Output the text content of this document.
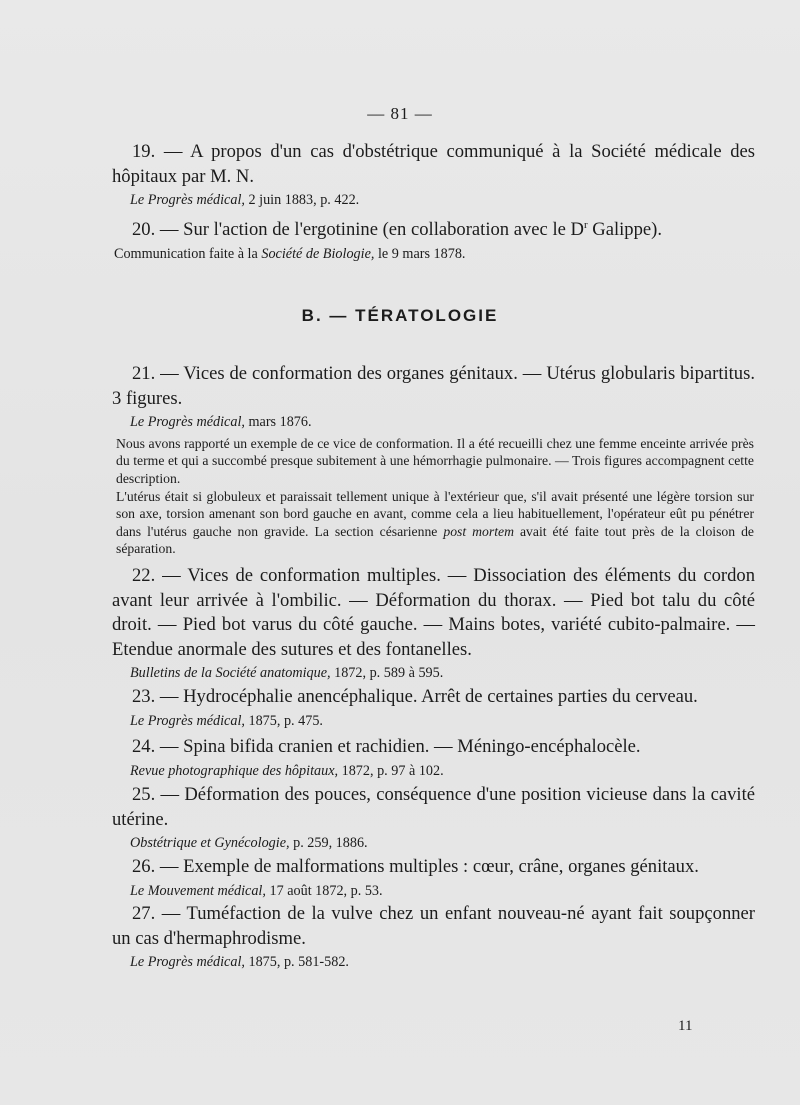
— 81 —

19. — A propos d'un cas d'obstétrique communiqué à la Société médicale des hôpitaux par M. N.

Le Progrès médical, 2 juin 1883, p. 422.

20. — Sur l'action de l'ergotinine (en collaboration avec le $D^r$ Galippe).

Communication faite à la Société de Biologie, le 9 mars 1878.

B. — TÉRATOLOGIE

21. — Vices de conformation des organes génitaux. — Utérus globularis bipartitus. 3 figures.

Le Progrès médical, mars 1876.

Nous avons rapporté un exemple de ce vice de conformation. Il a été recueilli chez une femme enceinte arrivée près du terme et qui a succombé presque subitement à une hémorrhagie pulmonaire. — Trois figures accompagnent cette description.

L'utérus était si globuleux et paraissait tellement unique à l'extérieur que, s'il avait présenté une légère torsion sur son axe, torsion amenant son bord gauche en avant, comme cela a lieu habituellement, l'opérateur eût pu pénétrer dans l'utérus gauche non gravide. La section césarienne post mortem avait été faite tout près de la cloison de séparation.

22. — Vices de conformation multiples. — Dissociation des éléments du cordon avant leur arrivée à l'ombilic. — Déformation du thorax. — Pied bot talu du côté droit. — Pied bot varus du côté gauche. — Mains botes, variété cubito-palmaire. — Etendue anormale des sutures et des fontanelles.

Bulletins de la Société anatomique, 1872, p. 589 à 595.

23. — Hydrocéphalie anencéphalique. Arrêt de certaines parties du cerveau.

Le Progrès médical, 1875, p. 475.

24. — Spina bifida cranien et rachidien. — Méningo-encéphalocèle.

Revue photographique des hôpitaux, 1872, p. 97 à 102.

25. — Déformation des pouces, conséquence d'une position vicieuse dans la cavité utérine.

Obstétrique et Gynécologie, p. 259, 1886.

26. — Exemple de malformations multiples : cœur, crâne, organes génitaux.

Le Mouvement médical, 17 août 1872, p. 53.

27. — Tuméfaction de la vulve chez un enfant nouveau-né ayant fait soupçonner un cas d'hermaphrodisme.

Le Progrès médical, 1875, p. 581-582.

11
